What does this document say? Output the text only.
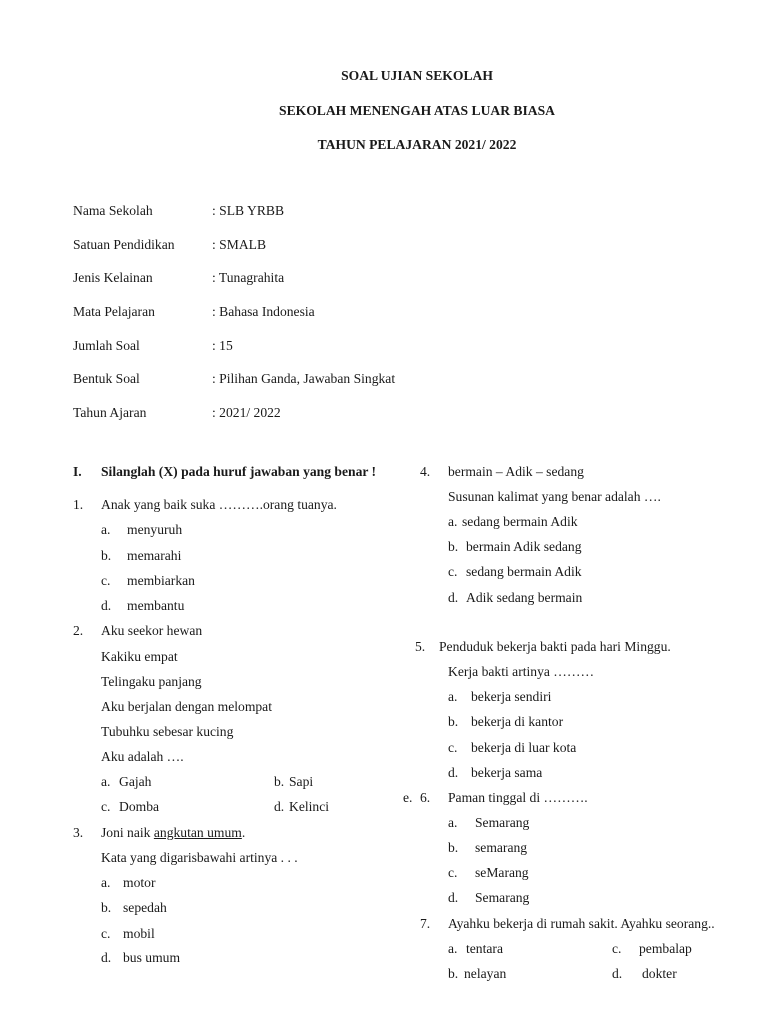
SOAL UJIAN SEKOLAH
SEKOLAH MENENGAH ATAS LUAR BIASA
TAHUN PELAJARAN 2021/ 2022
Nama Sekolah	: SLB YRBB
Satuan Pendidikan	: SMALB
Jenis Kelainan	: Tunagrahita
Mata Pelajaran	: Bahasa Indonesia
Jumlah Soal	: 15
Bentuk Soal	: Pilihan Ganda, Jawaban Singkat
Tahun Ajaran	: 2021/ 2022
I. Silanglah (X) pada huruf jawaban yang benar !
1. Anak yang baik suka ……….orang tuanya.
a. menyuruh
b. memarahi
c. membiarkan
d. membantu
2. Aku seekor hewan
Kakiku empat
Telingaku panjang
Aku berjalan dengan melompat
Tubuhku sebesar kucing
Aku adalah ….
a. Gajah	b. Sapi
c. Domba	d. Kelinci
3. Joni naik angkutan umum.
Kata yang digarisbawahi artinya . . .
a. motor
b. sepedah
c. mobil
d. bus umum
4. bermain – Adik – sedang
Susunan kalimat yang benar adalah ….
a. sedang bermain Adik
b. bermain Adik sedang
c. sedang bermain Adik
d. Adik sedang bermain
5. Penduduk bekerja bakti pada hari Minggu.
Kerja bakti artinya ………
a. bekerja sendiri
b. bekerja di kantor
c. bekerja di luar kota
d. bekerja sama
e. 6. Paman tinggal di ……….
a. Semarang
b. semarang
c. seMarang
d. Semarang
7. Ayahku bekerja di rumah sakit. Ayahku seorang..
a. tentara	c. pembalap
b. nelayan	d. dokter
